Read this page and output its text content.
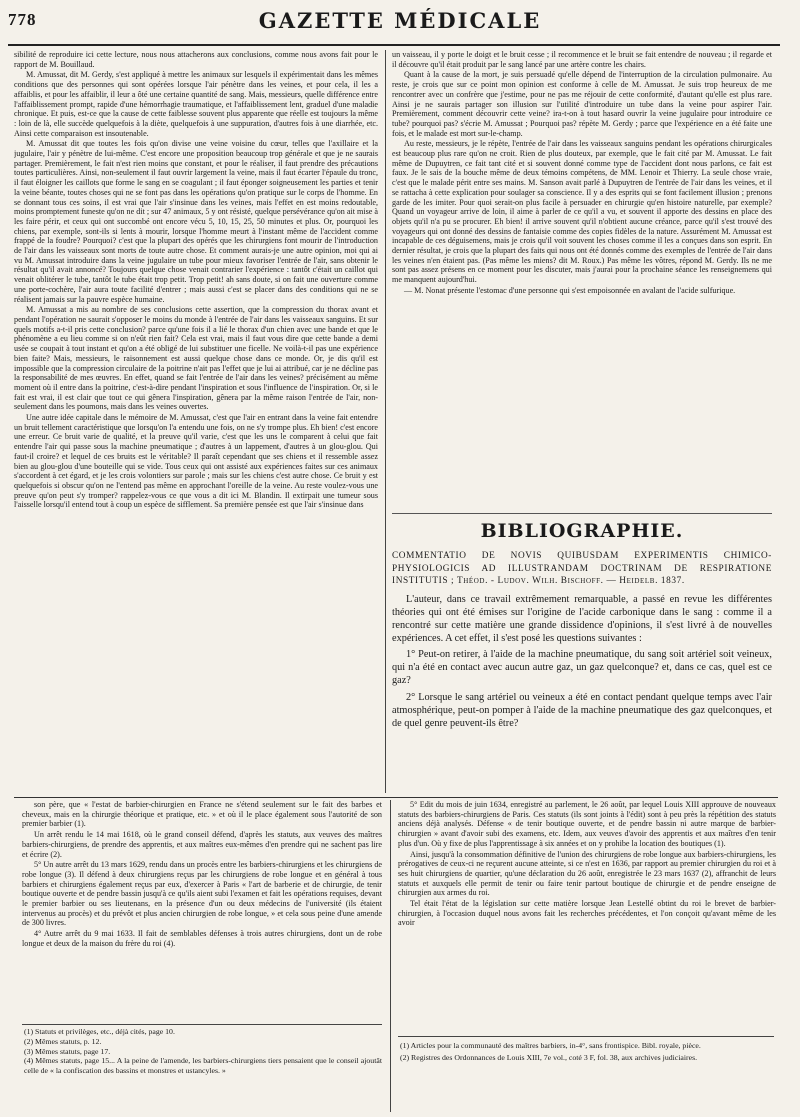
778	GAZETTE MÉDICALE

sibilité de reproduire ici cette lecture, nous nous attacherons aux conclusions, comme nous avons fait pour le rapport de M. Bouillaud.

M. Amussat, dit M. Gerdy, s'est appliqué à mettre les animaux sur lesquels il expérimentait dans les mêmes conditions que des personnes qui sont opérées lorsque l'air pénètre dans les veines, et pour cela, il les a affaiblis, et pour les affaiblir, il leur a ôté une certaine quantité de sang. Mais, messieurs, quelle différence entre l'affaiblissement prompt, rapide d'une hémorrhagie traumatique, et l'affaiblissement lent, graduel d'une maladie chronique. Et puis, est-ce que la cause de cette faiblesse souvent plus apparente que réelle est toujours la même : loin de là, elle succède quelquefois à la diète, quelquefois à une suppuration, d'autres fois à une diarrhée, etc. Ainsi cette comparaison est insoutenable.

M. Amussat dit que toutes les fois qu'on divise une veine voisine du cœur, telles que l'axillaire et la jugulaire, l'air y pénètre de lui-même. C'est encore une proposition beaucoup trop générale et que je ne saurais partager. Premièrement, le fait n'est rien moins que constant, et pour le réaliser, il faut prendre des précautions toutes particulières. Ainsi, non-seulement il faut ouvrir largement la veine, mais il faut écarter l'épaule du tronc, il faut éloigner les caillots que forme le sang en se coagulant ; il faut éponger soigneusement les parties et tenir la veine béante, toutes choses qui ne se font pas dans les opérations qu'on pratique sur le corps de l'homme. En se donnant tous ces soins, il est vrai que l'air s'insinue dans les veines, mais l'effet en est moins redoutable, moins promptement funeste qu'on ne dit ; sur 47 animaux, 5 y ont résisté, quelque persévérance qu'on ait mise à les faire périr, et ceux qui ont succombé ont encore vécu 5, 10, 15, 25, 50 minutes et plus. Or, pourquoi les chiens, par exemple, sont-ils si lents à mourir, lorsque l'homme meurt à l'instant même de l'accident comme frappé de la foudre? Pourquoi? c'est que la plupart des opérés que les chirurgiens font mourir de l'introduction de l'air dans les vaisseaux sont morts de toute autre chose. Et comment aurais-je une autre opinion, moi qui ai vu M. Amussat introduire dans la veine jugulaire un tube pour mieux favoriser l'entrée de l'air, sans obtenir le résultat qu'il avait annoncé? Toujours quelque chose venait contrarier l'expérience : tantôt c'était un caillot qui venait oblitérer le tube, tantôt le tube était trop petit. Trop petit! ah sans doute, si on fait une ouverture comme une porte-cochère, l'air aura toute facilité d'entrer ; mais aussi c'est se placer dans des conditions qui ne se réalisent jamais sur la pauvre espèce humaine.

M. Amussat a mis au nombre de ses conclusions cette assertion, que la compression du thorax avant et pendant l'opération ne saurait s'opposer le moins du monde à l'entrée de l'air dans les vaisseaux sanguins. Et sur quels motifs a-t-il pris cette conclusion? parce qu'une fois il a lié le thorax d'un chien avec une bande et que le phénomène a eu lieu comme si on n'eût rien fait? Cela est vrai, mais il faut vous dire que cette bande a demi usée se coupait à tout instant et qu'on a été obligé de lui substituer une ficelle. Ne voilà-t-il pas une expérience bien faite? Mais, messieurs, le raisonnement est aussi quelque chose dans ce monde. Or, je dis qu'il est impossible que la compression circulaire de la poitrine n'ait pas l'effet que je lui ai attribué, car je ne décline pas la responsabilité de mes œuvres. En effet, quand se fait l'entrée de l'air dans les veines? précisément au même moment où il entre dans la poitrine, c'est-à-dire pendant l'inspiration et sous l'influence de l'inspiration. Or, si le fait est vrai, il est clair que tout ce qui gênera l'inspiration, gênera par la même raison l'entrée de l'air, non-seulement dans les poumons, mais dans les veines ouvertes.

Une autre idée capitale dans le mémoire de M. Amussat, c'est que l'air en entrant dans la veine fait entendre un bruit tellement caractéristique que lorsqu'on l'a entendu une fois, on ne s'y trompe plus. Eh bien! c'est encore une erreur. Ce bruit varie de qualité, et la preuve qu'il varie, c'est que les uns le comparent à celui que fait entendre l'air qui passe sous la machine pneumatique ; d'autres à un lappement, d'autres à un glou-glou. Qui faut-il croire? et lequel de ces bruits est le véritable? Il paraît cependant que ses chiens et il ressemble assez bien au glou-glou d'une bouteille qui se vide. Tous ceux qui ont assisté aux expériences faites sur ces animaux s'accordent à cet égard, et je les crois volontiers sur parole ; mais sur les chiens c'est autre chose. Ce bruit y est quelquefois si obscur qu'on ne l'entend pas même en approchant l'oreille de la veine. Au reste voulez-vous une preuve qu'on peut s'y tromper? rappelez-vous ce que vous a dit ici M. Blandin. Il extirpait une tumeur sous l'aisselle lorsqu'il entend tout à coup un espèce de sifflement. Sa première pensée est que l'air s'insinue dans

un vaisseau, il y porte le doigt et le bruit cesse ; il recommence et le bruit se fait entendre de nouveau ; il regarde et il découvre qu'il était produit par le sang lancé par une artère contre les chairs.

Quant à la cause de la mort, je suis persuadé qu'elle dépend de l'interruption de la circulation pulmonaire. Au reste, je crois que sur ce point mon opinion est conforme à celle de M. Amussat. Je suis trop heureux de me rencontrer avec un confrère que j'estime, pour ne pas me réjouir de cette conformité, d'autant qu'elle est plus rare. Ainsi je ne saurais partager son illusion sur l'utilité d'introduire un tube dans la veine pour aspirer l'air. Premièrement, comment découvrir cette veine? ira-t-on à tout hasard ouvrir la veine jugulaire pour introduire ce tube? pourquoi pas? s'écrie M. Amussat ; Pourquoi pas? répète M. Gerdy ; parce que l'expérience en a été faite une fois, et le malade est mort sur-le-champ.

Au reste, messieurs, je le répète, l'entrée de l'air dans les vaisseaux sanguins pendant les opérations chirurgicales est beaucoup plus rare qu'on ne croit. Rien de plus douteux, par exemple, que le fait cité par M. Amussat. Le fait même de Dupuytren, ce fait tant cité et si souvent donné comme type de l'accident dont nous parlons, ce fait est faux. Je le sais de la bouche même de deux témoins compétens, de MM. Lenoir et Thierry. La seule chose vraie, c'est que le malade périt entre ses mains. M. Sanson avait parlé à Dupuytren de l'entrée de l'air dans les veines, et il se rattacha à cette explication pour soulager sa conscience. Il y a des esprits qui se font facilement illusion ; prenons garde de les imiter. Pour quoi serait-on plus facile à persuader en chirurgie qu'en histoire naturelle, par exemple? Quand un voyageur arrive de loin, il aime à parler de ce qu'il a vu, et souvent il apporte des dessins en place des objets qu'il n'a pu se procurer. Eh bien! il arrive souvent qu'il n'obtient aucune créance, parce qu'il s'est trouvé des voyageurs qui ont donné des dessins de fantaisie comme des copies fidèles de la nature. Assurément M. Amussat est incapable de ces déguisemens, mais je crois qu'il voit souvent les choses comme il les a conçues dans son esprit. En dernier résultat, je crois que la plupart des faits qui nous ont été donnés comme des exemples de l'entrée de l'air dans les veines n'en étaient pas. (Pas même les miens? dit M. Roux.) Pas même les vôtres, répond M. Gerdy. Ils ne me sont pas assez présens en ce moment pour les discuter, mais j'aurai pour la prochaine séance les renseignemens qui me manquent aujourd'hui.

— M. Nonat présente l'estomac d'une personne qui s'est empoisonnée en avalant de l'acide sulfurique.

BIBLIOGRAPHIE.
COMMENTATIO DE NOVIS QUIBUSDAM EXPERIMENTIS CHIMICO-PHYSIOLOGICIS AD ILLUSTRANDAM DOCTRINAM DE RESPIRATIONE INSTITUTIS ; Théod. - Ludov. Wilh. Bischoff. — Heidelb. 1837.

L'auteur, dans ce travail extrêmement remarquable, a passé en revue les différentes théories qui ont été émises sur l'origine de l'acide carbonique dans le sang : comme il a rencontré sur cette matière une grande dissidence d'opinions, il s'est livré à de nouvelles expériences. A cet effet, il s'est posé les questions suivantes :

1° Peut-on retirer, à l'aide de la machine pneumatique, du sang soit artériel soit veineux, qui n'a été en contact avec aucun autre gaz, un gaz quelconque? et, dans ce cas, quel est ce gaz?

2° Lorsque le sang artériel ou veineux a été en contact pendant quelque temps avec l'air atmosphérique, peut-on pomper à l'aide de la machine pneumatique des gaz quelconques, et de quel genre peuvent-ils être?

son père, que « l'estat de barbier-chirurgien en France ne s'étend seulement sur le fait des barbes et cheveux, mais en la chirurgie théorique et pratique, etc. » et où il le place également sous l'autorité de son premier barbier (1).

Un arrêt rendu le 14 mai 1618, où le grand conseil défend, d'après les statuts, aux veuves des maîtres barbiers-chirurgiens, de prendre des apprentis, et aux maîtres eux-mêmes d'en prendre qui ne sachent pas lire et écrire (2).

5° Un autre arrêt du 13 mars 1629, rendu dans un procès entre les barbiers-chirurgiens et les chirurgiens de robe longue (3). Il défend à deux chirurgiens reçus par les chirurgiens de robe longue et en général à tous barbiers et chirurgiens également reçus par eux, d'exercer à Paris « l'art de barberie et de chirurgie, de tenir boutique ouverte et de pendre bassin jusqu'à ce qu'ils aient subi l'examen et fait les opérations requises, devant le premier barbier ou ses lieutenans, en la présence d'un ou deux médecins de l'université (ils étaient intervenus au procès) et du prévôt et plus ancien chirurgien de robe longue, » et cela sous peine d'une amende de 300 livres.

4° Autre arrêt du 9 mai 1633. Il fait de semblables défenses à trois autres chirurgiens, dont un de robe longue et deux de la maison du frère du roi (4).

5° Edit du mois de juin 1634, enregistré au parlement, le 26 août, par lequel Louis XIII approuve de nouveaux statuts des barbiers-chirurgiens de Paris. Ces statuts (ils sont joints à l'édit) sont à peu près la répétition des statuts anciens déjà analysés. Défense « de tenir boutique ouverte, et de pendre bassin ni autre marque de barbier-chirurgien » avant d'avoir subi des examens, etc. Idem, aux veuves d'avoir des apprentis et aux maîtres d'en tenir plus d'un. Où y fixe de plus l'apprentissage à six années et on y prohibe la location des boutiques (1).

Ainsi, jusqu'à la consommation définitive de l'union des chirurgiens de robe longue aux barbiers-chirurgiens, les prérogatives de ceux-ci ne reçurent aucune atteinte, si ce n'est en 1636, par rapport au premier chirurgien du roi et à ses huit chirurgiens de quartier, qu'une déclaration du 26 août, enregistrée le 23 mars 1637 (2), affranchit de leurs statuts et auxquels elle permit de tenir ou faire tenir partout boutique de chirurgie et de pendre enseigne de chirurgien aux armes du roi.

Tel était l'état de la législation sur cette matière lorsque Jean Lestellé obtint du roi le brevet de barbier-chirurgien, à l'occasion duquel nous avons fait les recherches précédentes, et l'on conçoit qu'avant même de les avoir

(1) Statuts et privilèges, etc., déjà cités, page 10.
(2) Mêmes statuts, p. 12.
(3) Mêmes statuts, page 17.
(4) Mêmes statuts, page 15... A la peine de l'amende, les barbiers-chirurgiens tiers pensaient que le conseil ajoutât celle de « la confiscation des bassins et monstres et ustancyles. »
(1) Articles pour la communauté des maîtres barbiers, in-4°, sans frontispice. Bibl. royale, pièce.
(2) Registres des Ordonnances de Louis XIII, 7e vol., coté 3 F, fol. 38, aux archives judiciaires.
